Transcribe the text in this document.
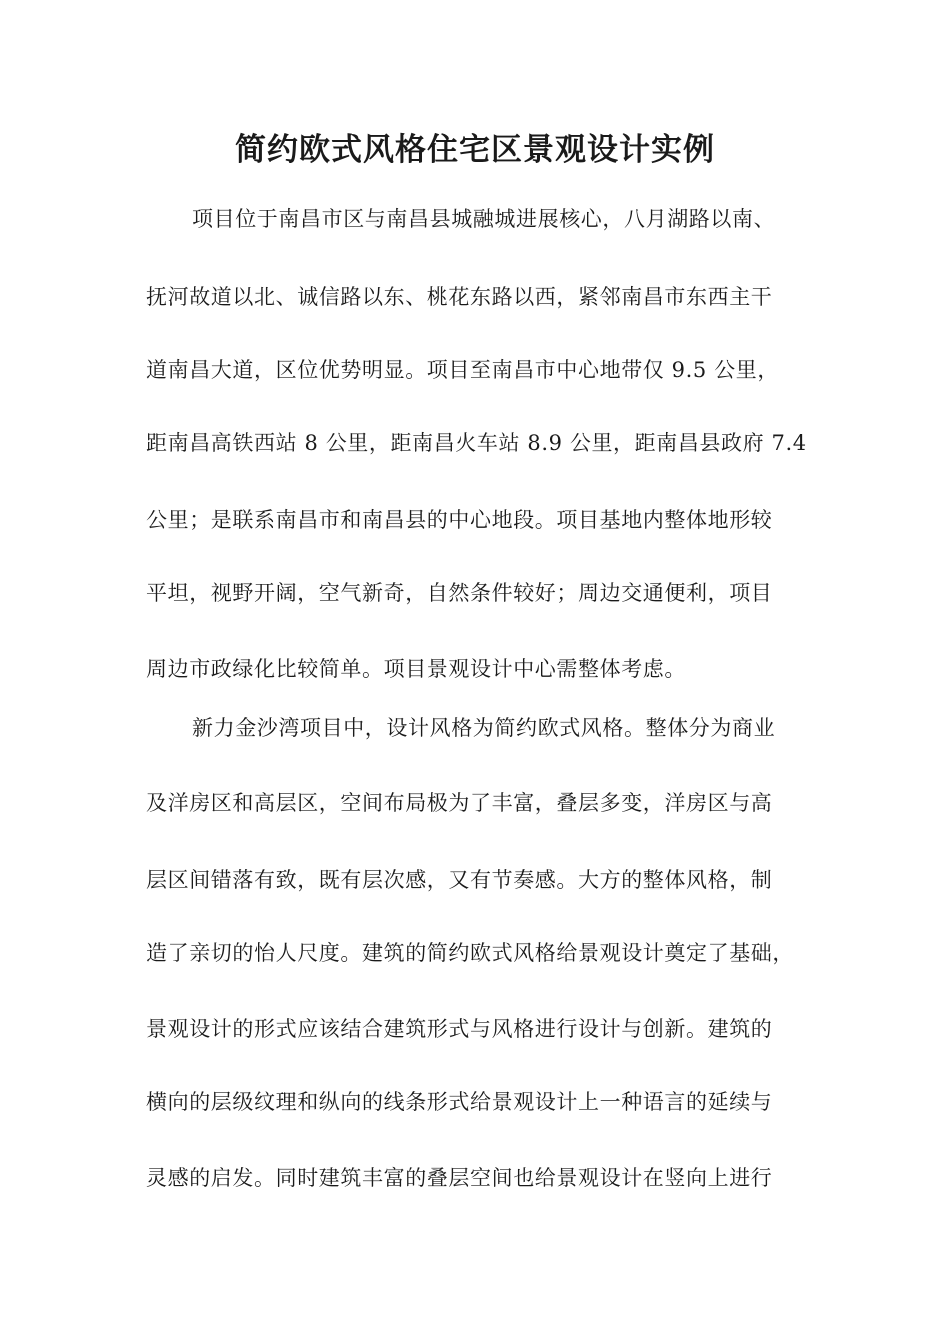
简约欧式风格住宅区景观设计实例
项目位于南昌市区与南昌县城融城进展核心，八月湖路以南、
抚河故道以北、诚信路以东、桃花东路以西，紧邻南昌市东西主干
道南昌大道，区位优势明显。项目至南昌市中心地带仅 9.5 公里，
距南昌高铁西站 8 公里，距南昌火车站 8.9 公里，距南昌县政府 7.4
公里；是联系南昌市和南昌县的中心地段。项目基地内整体地形较
平坦，视野开阔，空气新奇，自然条件较好；周边交通便利，项目
周边市政绿化比较简单。项目景观设计中心需整体考虑。
新力金沙湾项目中，设计风格为简约欧式风格。整体分为商业
及洋房区和高层区，空间布局极为了丰富，叠层多变，洋房区与高
层区间错落有致，既有层次感，又有节奏感。大方的整体风格，制
造了亲切的怡人尺度。建筑的简约欧式风格给景观设计奠定了基础，
景观设计的形式应该结合建筑形式与风格进行设计与创新。建筑的
横向的层级纹理和纵向的线条形式给景观设计上一种语言的延续与
灵感的启发。同时建筑丰富的叠层空间也给景观设计在竖向上进行
